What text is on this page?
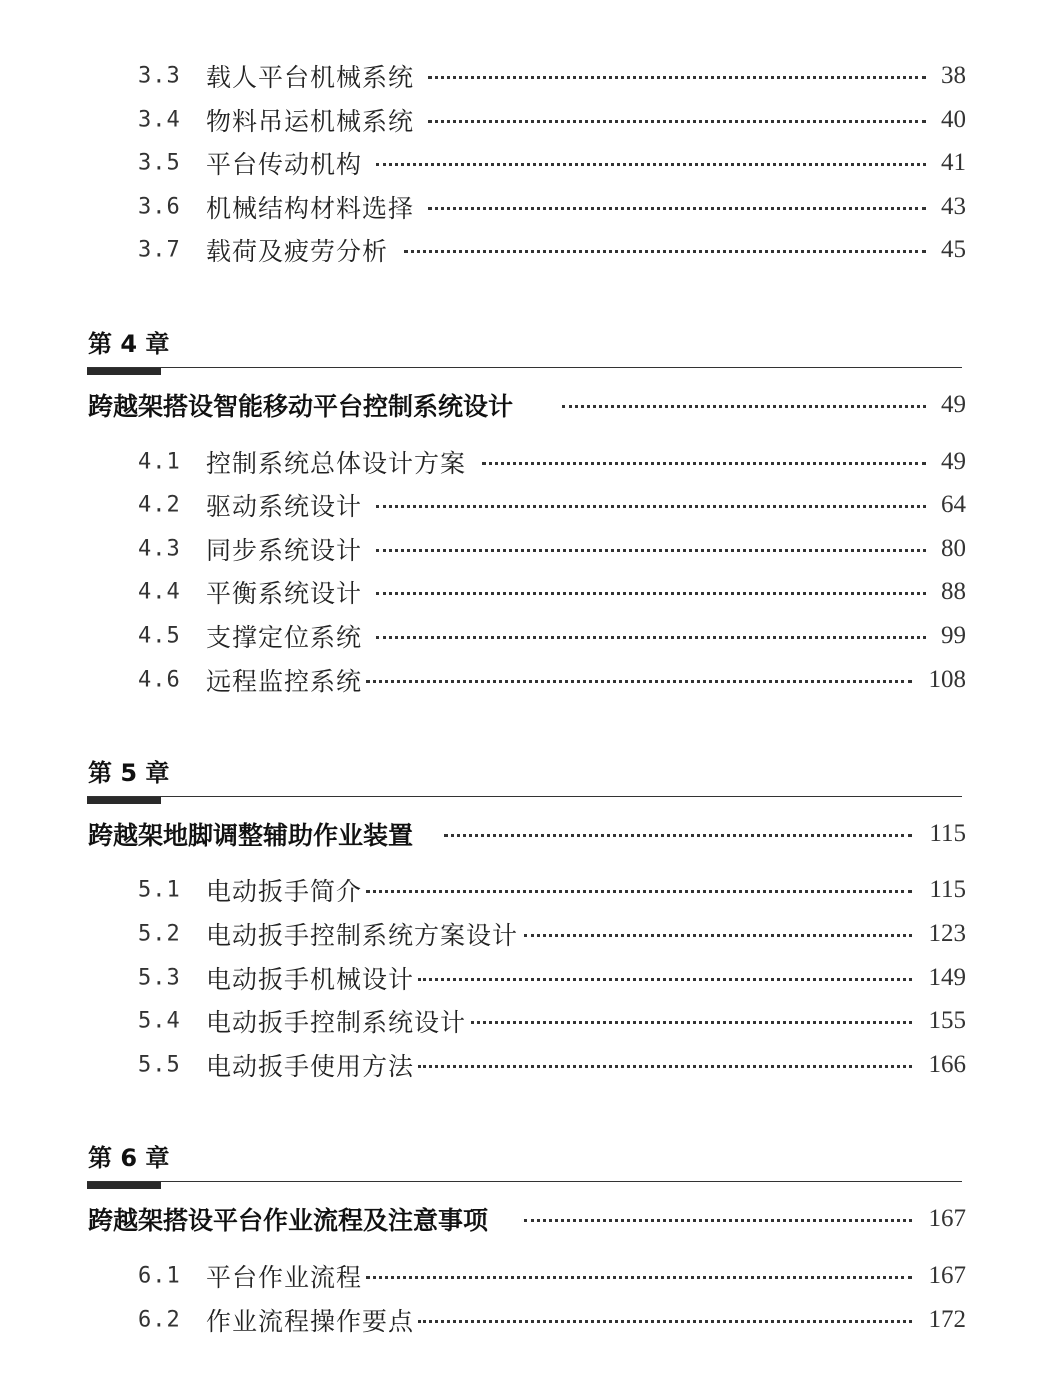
3.3 载人平台机械系统	38
3.4 物料吊运机械系统	40
3.5 平台传动机构	41
3.6 机械结构材料选择	43
3.7 载荷及疲劳分析	45
第 4 章
跨越架搭设智能移动平台控制系统设计	49
4.1 控制系统总体设计方案	49
4.2 驱动系统设计	64
4.3 同步系统设计	80
4.4 平衡系统设计	88
4.5 支撑定位系统	99
4.6 远程监控系统	108
第 5 章
跨越架地脚调整辅助作业装置	115
5.1 电动扳手简介	115
5.2 电动扳手控制系统方案设计	123
5.3 电动扳手机械设计	149
5.4 电动扳手控制系统设计	155
5.5 电动扳手使用方法	166
第 6 章
跨越架搭设平台作业流程及注意事项	167
6.1 平台作业流程	167
6.2 作业流程操作要点	172
